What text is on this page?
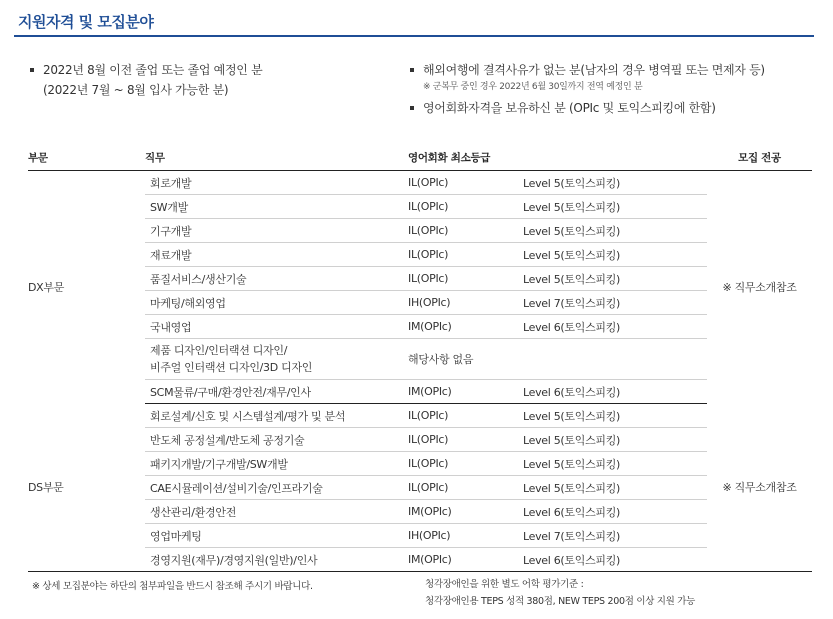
지원자격 및 모집분야
2022년 8월 이전 졸업 또는 졸업 예정인 분
(2022년 7월 ~ 8월 입사 가능한 분)
해외여행에 결격사유가 없는 분(남자의 경우 병역필 또는 면제자 등)
※ 군복무 중인 경우 2022년 6월 30일까지 전역 예정인 분
영어회화자격을 보유하신 분 (OPIc 및 토익스피킹에 한함)
부문	직무	영어회화 최소등급		모집 전공
DX부문	회로개발	IL(OPIc)	Level 5(토익스피킹)	※ 직무소개참조
	SW개발	IL(OPIc)	Level 5(토익스피킹)	
	기구개발	IL(OPIc)	Level 5(토익스피킹)	
	재료개발	IL(OPIc)	Level 5(토익스피킹)	
	품질서비스/생산기술	IL(OPIc)	Level 5(토익스피킹)	
	마케팅/해외영업	IH(OPIc)	Level 7(토익스피킹)	
	국내영업	IM(OPIc)	Level 6(토익스피킹)	

	제품 디자인/인터랙션 디자인/
비주얼 인터랙션 디자인/3D 디자인	해당사항 없음		
	SCM물류/구매/환경안전/재무/인사	IM(OPIc)	Level 6(토익스피킹)	
DS부문	회로설계/신호 및 시스템설계/평가 및 분석	IL(OPIc)	Level 5(토익스피킹)	※ 직무소개참조
	반도체 공정설계/반도체 공정기술	IL(OPIc)	Level 5(토익스피킹)	
	패키지개발/기구개발/SW개발	IL(OPIc)	Level 5(토익스피킹)	
	CAE시뮬레이션/설비기술/인프라기술	IL(OPIc)	Level 5(토익스피킹)	
	생산관리/환경안전	IM(OPIc)	Level 6(토익스피킹)	
	영업마케팅	IH(OPIc)	Level 7(토익스피킹)	
	경영지원(재무)/경영지원(일반)/인사	IM(OPIc)	Level 6(토익스피킹)	
※ 상세 모집분야는 하단의 첨부파일을 반드시 참조해 주시기 바랍니다.	청각장애인을 위한 별도 어학 평가기준 :
청각장애인용 TEPS 성적 380점, NEW TEPS 200점 이상 지원 가능
